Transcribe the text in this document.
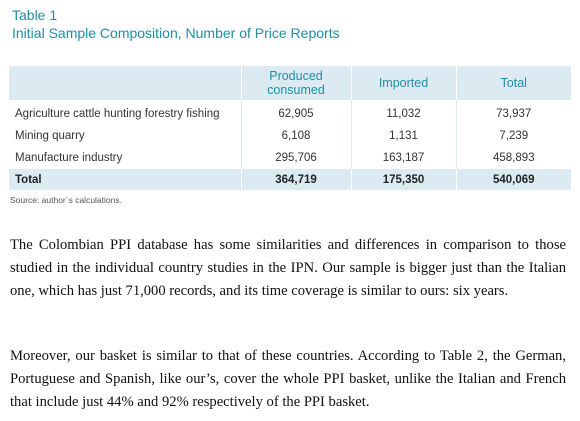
Table 1
Initial Sample Composition, Number of Price Reports

	Produced consumed	Imported	Total
Agriculture cattle hunting forestry fishing	62,905	11,032	73,937
Mining quarry	6,108	1,131	7,239
Manufacture industry	295,706	163,187	458,893
Total	364,719	175,350	540,069
Source: author´s calculations.

The Colombian PPI database has some similarities and differences in comparison to those studied in the individual country studies in the IPN. Our sample is bigger just than the Italian one, which has just 71,000 records, and its time coverage is similar to ours: six years.

Moreover, our basket is similar to that of these countries. According to Table 2, the German, Portuguese and Spanish, like our’s, cover the whole PPI basket, unlike the Italian and French that include just 44% and 92% respectively of the PPI basket.
